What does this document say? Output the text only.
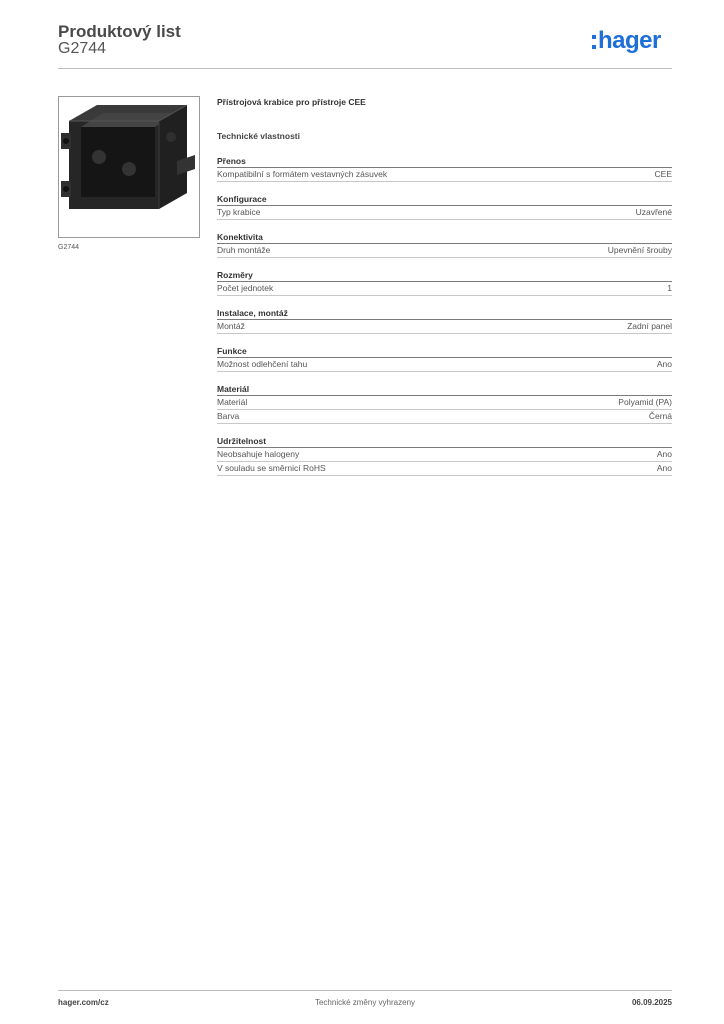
Produktový list
G2744	hager
G2744
Přístrojová krabice pro přístroje CEE
Technické vlastnosti
Přenos
Kompatibilní s formátem vestavných zásuvek	CEE
Konfigurace
Typ krabice	Uzavřené
Konektivita
Druh montáže	Upevnění šrouby
Rozměry
Počet jednotek	1
Instalace, montáž
Montáž	Zadní panel
Funkce
Možnost odlehčení tahu	Ano
Materiál
Materiál	Polyamid (PA)
Barva	Černá
Udržitelnost
Neobsahuje halogeny	Ano
V souladu se směrnicí RoHS	Ano
hager.com/cz	Technické změny vyhrazeny	06.09.2025
